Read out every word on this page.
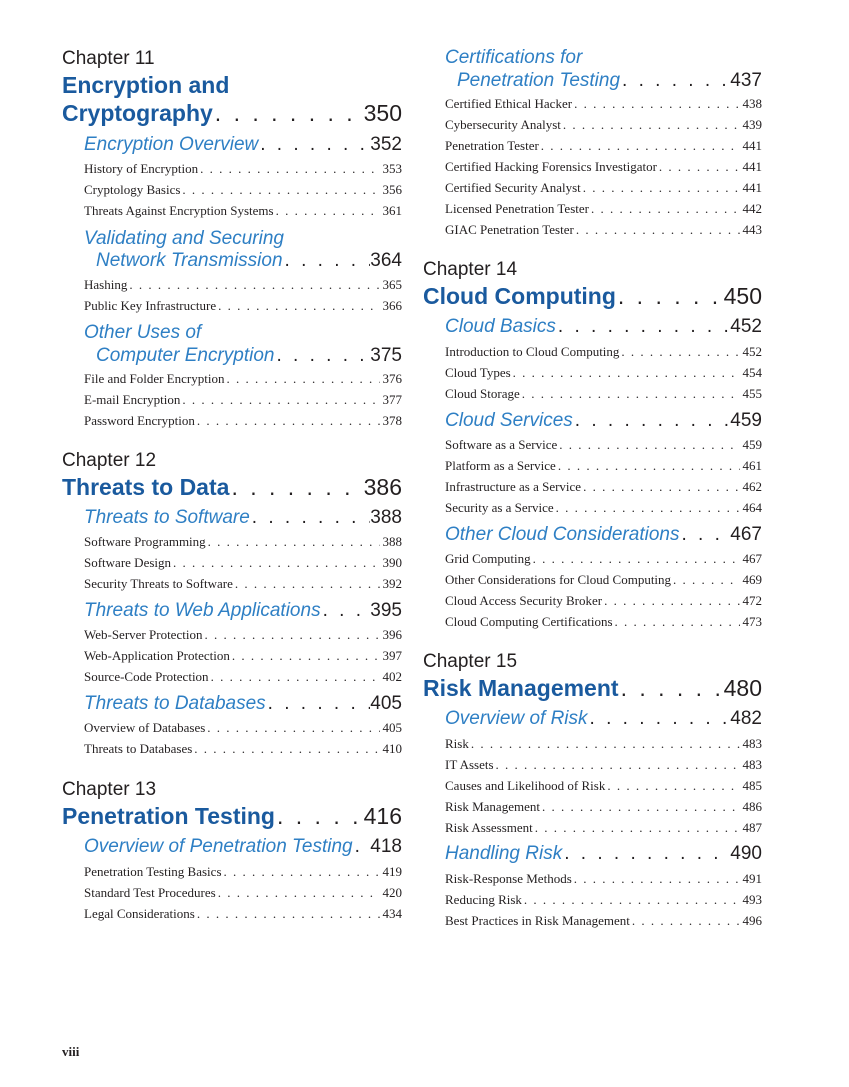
Chapter 11
Encryption and
Cryptography . . .	350
Encryption Overview . . .	352
History of Encryption . . .	353
Cryptology Basics . . .	356
Threats Against Encryption Systems . . .	361
Validating and Securing
Network Transmission . . .	364
Hashing . . .	365
Public Key Infrastructure . . .	366
Other Uses of
Computer Encryption . . .	375
File and Folder Encryption . . .	376
E-mail Encryption . . .	377
Password Encryption . . .	378
Chapter 12
Threats to Data . . .	386
Threats to Software . . .	388
Software Programming . . .	388
Software Design . . .	390
Security Threats to Software . . .	392
Threats to Web Applications . . .	395
Web-Server Protection . . .	396
Web-Application Protection . . .	397
Source-Code Protection . . .	402
Threats to Databases . . .	405
Overview of Databases . . .	405
Threats to Databases . . .	410
Chapter 13
Penetration Testing . . .	416
Overview of Penetration Testing . . . 418
Penetration Testing Basics . . .	419
Standard Test Procedures . . .	420
Legal Considerations . . .	434
Certifications for
Penetration Testing . . .	437
Certified Ethical Hacker . . .	438
Cybersecurity Analyst . . .	439
Penetration Tester . . .	441
Certified Hacking Forensics Investigator . . .	441
Certified Security Analyst . . .	441
Licensed Penetration Tester . . .	442
GIAC Penetration Tester . . .	443
Chapter 14
Cloud Computing . . .	450
Cloud Basics . . .	452
Introduction to Cloud Computing . . .	452
Cloud Types . . .	454
Cloud Storage . . .	455
Cloud Services . . .	459
Software as a Service . . .	459
Platform as a Service . . .	461
Infrastructure as a Service . . .	462
Security as a Service . . .	464
Other Cloud Considerations . . .	467
Grid Computing . . .	467
Other Considerations for Cloud Computing . . .	469
Cloud Access Security Broker . . .	472
Cloud Computing Certifications . . .	473
Chapter 15
Risk Management . . .	480
Overview of Risk . . .	482
Risk . . .	483
IT Assets . . .	483
Causes and Likelihood of Risk . . .	485
Risk Management . . .	486
Risk Assessment . . .	487
Handling Risk . . .	490
Risk-Response Methods . . .	491
Reducing Risk . . .	493
Best Practices in Risk Management . . .	496
viii
